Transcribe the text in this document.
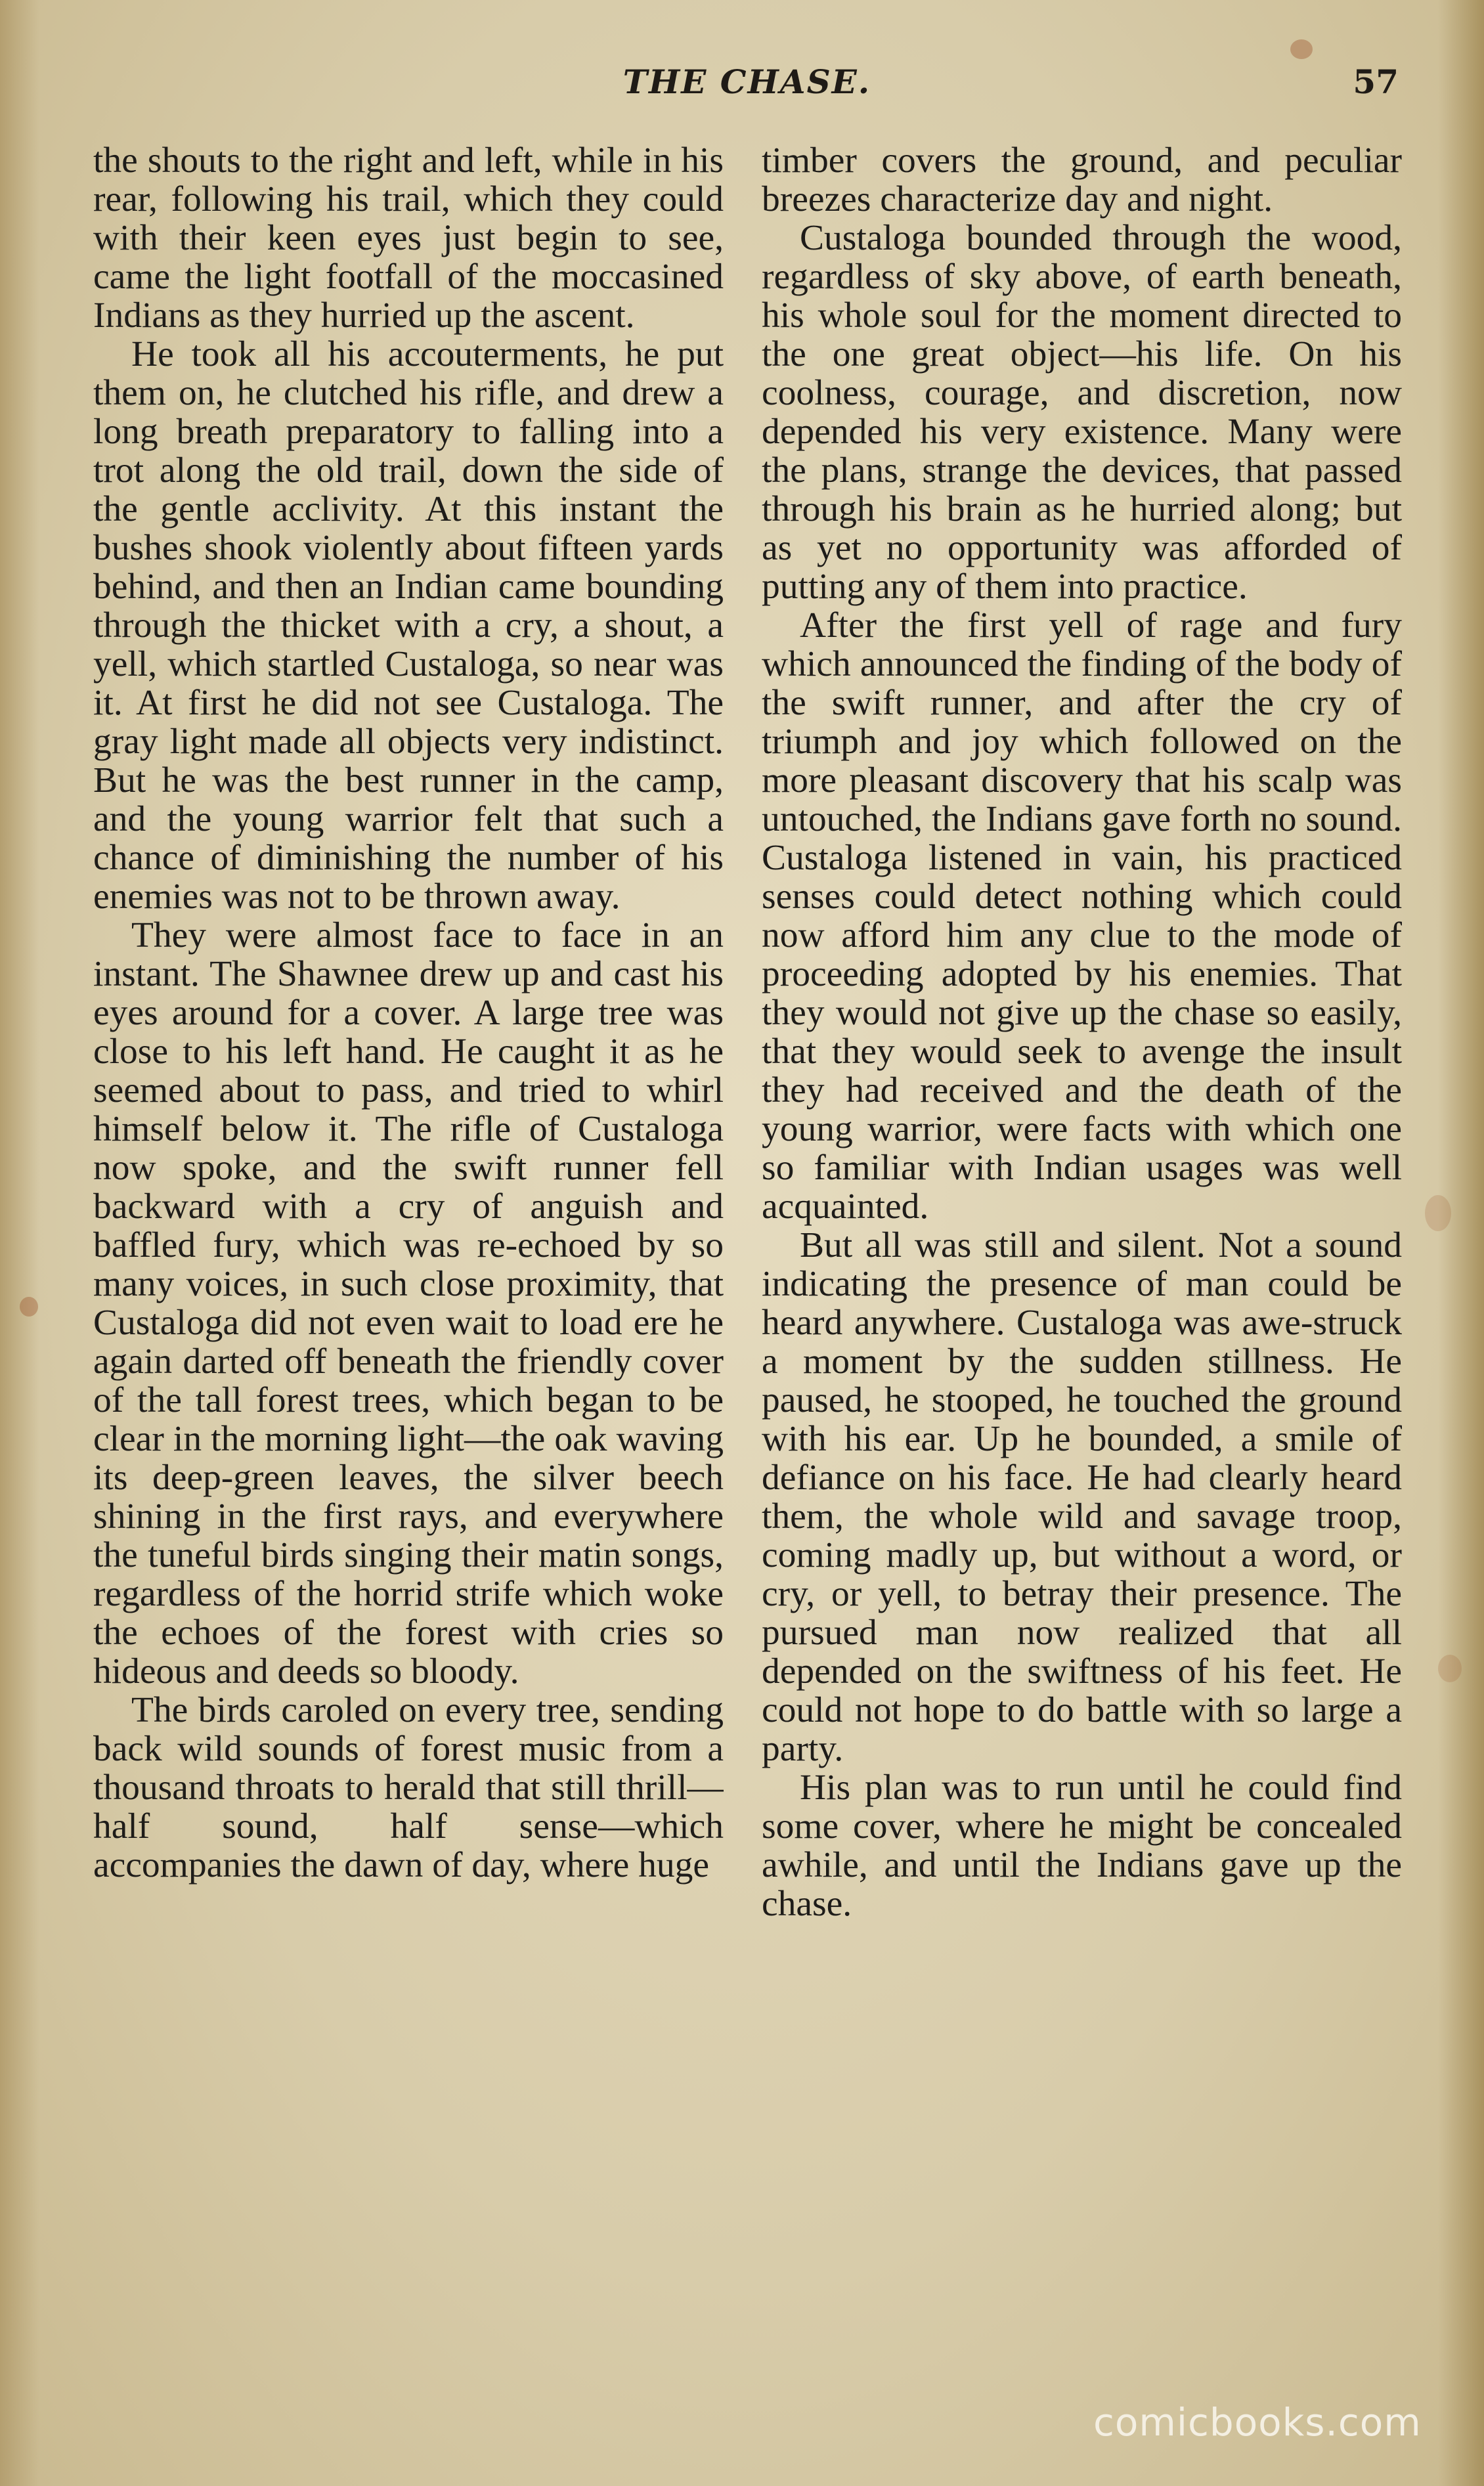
THE CHASE.	57

the shouts to the right and left, while in his rear, following his trail, which they could with their keen eyes just begin to see, came the light footfall of the moccasined Indians as they hurried up the ascent.

He took all his accouterments, he put them on, he clutched his rifle, and drew a long breath preparatory to falling into a trot along the old trail, down the side of the gentle acclivity. At this instant the bushes shook violently about fifteen yards behind, and then an Indian came bounding through the thicket with a cry, a shout, a yell, which startled Custaloga, so near was it. At first he did not see Custaloga. The gray light made all objects very indistinct. But he was the best runner in the camp, and the young warrior felt that such a chance of diminishing the number of his enemies was not to be thrown away.

They were almost face to face in an instant. The Shawnee drew up and cast his eyes around for a cover. A large tree was close to his left hand. He caught it as he seemed about to pass, and tried to whirl himself below it. The rifle of Custaloga now spoke, and the swift runner fell backward with a cry of anguish and baffled fury, which was re-echoed by so many voices, in such close proximity, that Custaloga did not even wait to load ere he again darted off beneath the friendly cover of the tall forest trees, which began to be clear in the morning light—the oak waving its deep-green leaves, the silver beech shining in the first rays, and everywhere the tuneful birds singing their matin songs, regardless of the horrid strife which woke the echoes of the forest with cries so hideous and deeds so bloody.

The birds caroled on every tree, sending back wild sounds of forest music from a thousand throats to herald that still thrill—half sound, half sense—which accompanies the dawn of day, where huge

timber covers the ground, and peculiar breezes characterize day and night.

Custaloga bounded through the wood, regardless of sky above, of earth beneath, his whole soul for the moment directed to the one great object—his life. On his coolness, courage, and discretion, now depended his very existence. Many were the plans, strange the devices, that passed through his brain as he hurried along; but as yet no opportunity was afforded of putting any of them into practice.

After the first yell of rage and fury which announced the finding of the body of the swift runner, and after the cry of triumph and joy which followed on the more pleasant discovery that his scalp was untouched, the Indians gave forth no sound. Custaloga listened in vain, his practiced senses could detect nothing which could now afford him any clue to the mode of proceeding adopted by his enemies. That they would not give up the chase so easily, that they would seek to avenge the insult they had received and the death of the young warrior, were facts with which one so familiar with Indian usages was well acquainted.

But all was still and silent. Not a sound indicating the presence of man could be heard anywhere. Custaloga was awe-struck a moment by the sudden stillness. He paused, he stooped, he touched the ground with his ear. Up he bounded, a smile of defiance on his face. He had clearly heard them, the whole wild and savage troop, coming madly up, but without a word, or cry, or yell, to betray their presence. The pursued man now realized that all depended on the swiftness of his feet. He could not hope to do battle with so large a party.

His plan was to run until he could find some cover, where he might be concealed awhile, and until the Indians gave up the chase.

comicbooks.com
